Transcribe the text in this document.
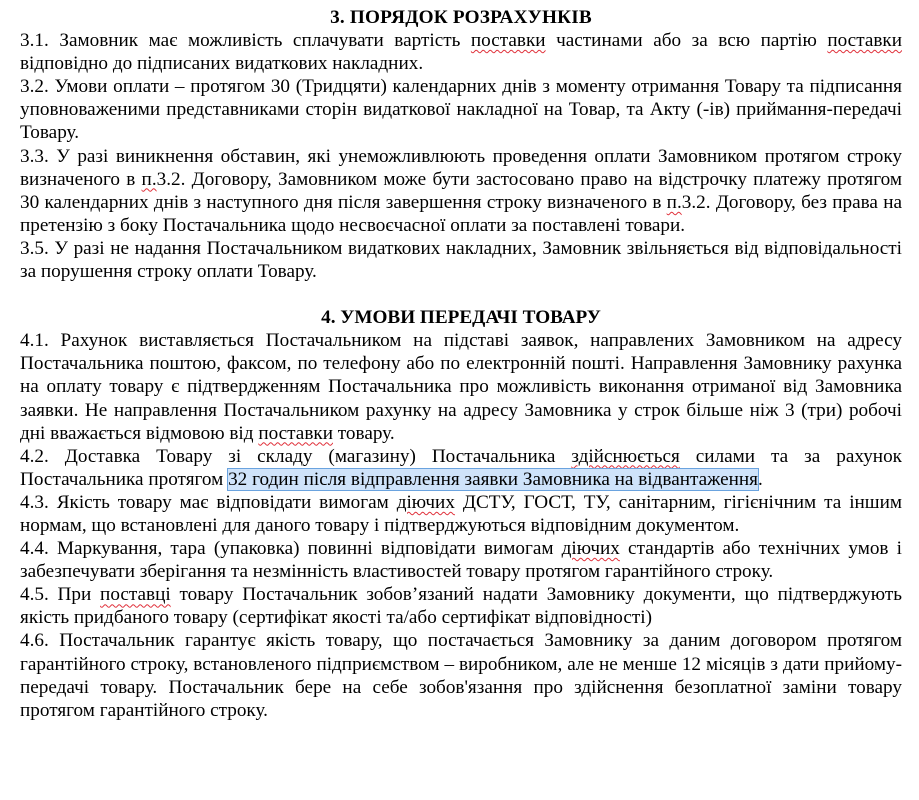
3. ПОРЯДОК РОЗРАХУНКІВ

3.1. Замовник має можливість сплачувати вартість поставки частинами або за всю партію поставки відповідно до підписаних видаткових накладних.

3.2. Умови оплати – протягом 30 (Тридцяти) календарних днів з моменту отримання Товару та підписання уповноваженими представниками сторін видаткової накладної на Товар, та Акту (-ів) приймання-передачі Товару.

3.3. У разі виникнення обставин, які унеможливлюють проведення оплати Замовником протягом строку визначеного в п.3.2. Договору, Замовником може бути застосовано право на відстрочку платежу протягом 30 календарних днів з наступного дня після завершення строку визначеного в п.3.2. Договору, без права на претензію з боку Постачальника щодо несвоєчасної оплати за поставлені товари.

3.5. У разі не надання Постачальником видаткових накладних, Замовник звільняється від відповідальності за порушення строку оплати Товару.

4. УМОВИ ПЕРЕДАЧІ ТОВАРУ

4.1. Рахунок виставляється Постачальником на підставі заявок, направлених Замовником на адресу Постачальника поштою, факсом, по телефону або по електронній пошті. Направлення Замовнику рахунка на оплату товару є підтвердженням Постачальника про можливість виконання отриманої від Замовника заявки. Не направлення Постачальником рахунку на адресу Замовника у строк більше ніж 3 (три) робочі дні вважається відмовою від поставки товару.

4.2. Доставка Товару зі складу (магазину) Постачальника здійснюється силами та за рахунок Постачальника протягом 32 годин після відправлення заявки Замовника на відвантаження.

4.3. Якість товару має відповідати вимогам діючих ДСТУ, ГОСТ, ТУ, санітарним, гігієнічним та іншим нормам, що встановлені для даного товару і підтверджуються відповідним документом.

4.4. Маркування, тара (упаковка) повинні відповідати вимогам діючих стандартів або технічних умов і забезпечувати зберігання та незмінність властивостей товару протягом гарантійного строку.

4.5. При поставці товару Постачальник зобов’язаний надати Замовнику документи, що підтверджують якість придбаного товару (сертифікат якості та/або сертифікат відповідності)

4.6. Постачальник гарантує якість товару, що постачається Замовнику за даним договором протягом гарантійного строку, встановленого підприємством – виробником, але не менше 12 місяців з дати прийому-передачі товару. Постачальник бере на себе зобов'язання про здійснення безоплатної заміни товару протягом гарантійного строку.
